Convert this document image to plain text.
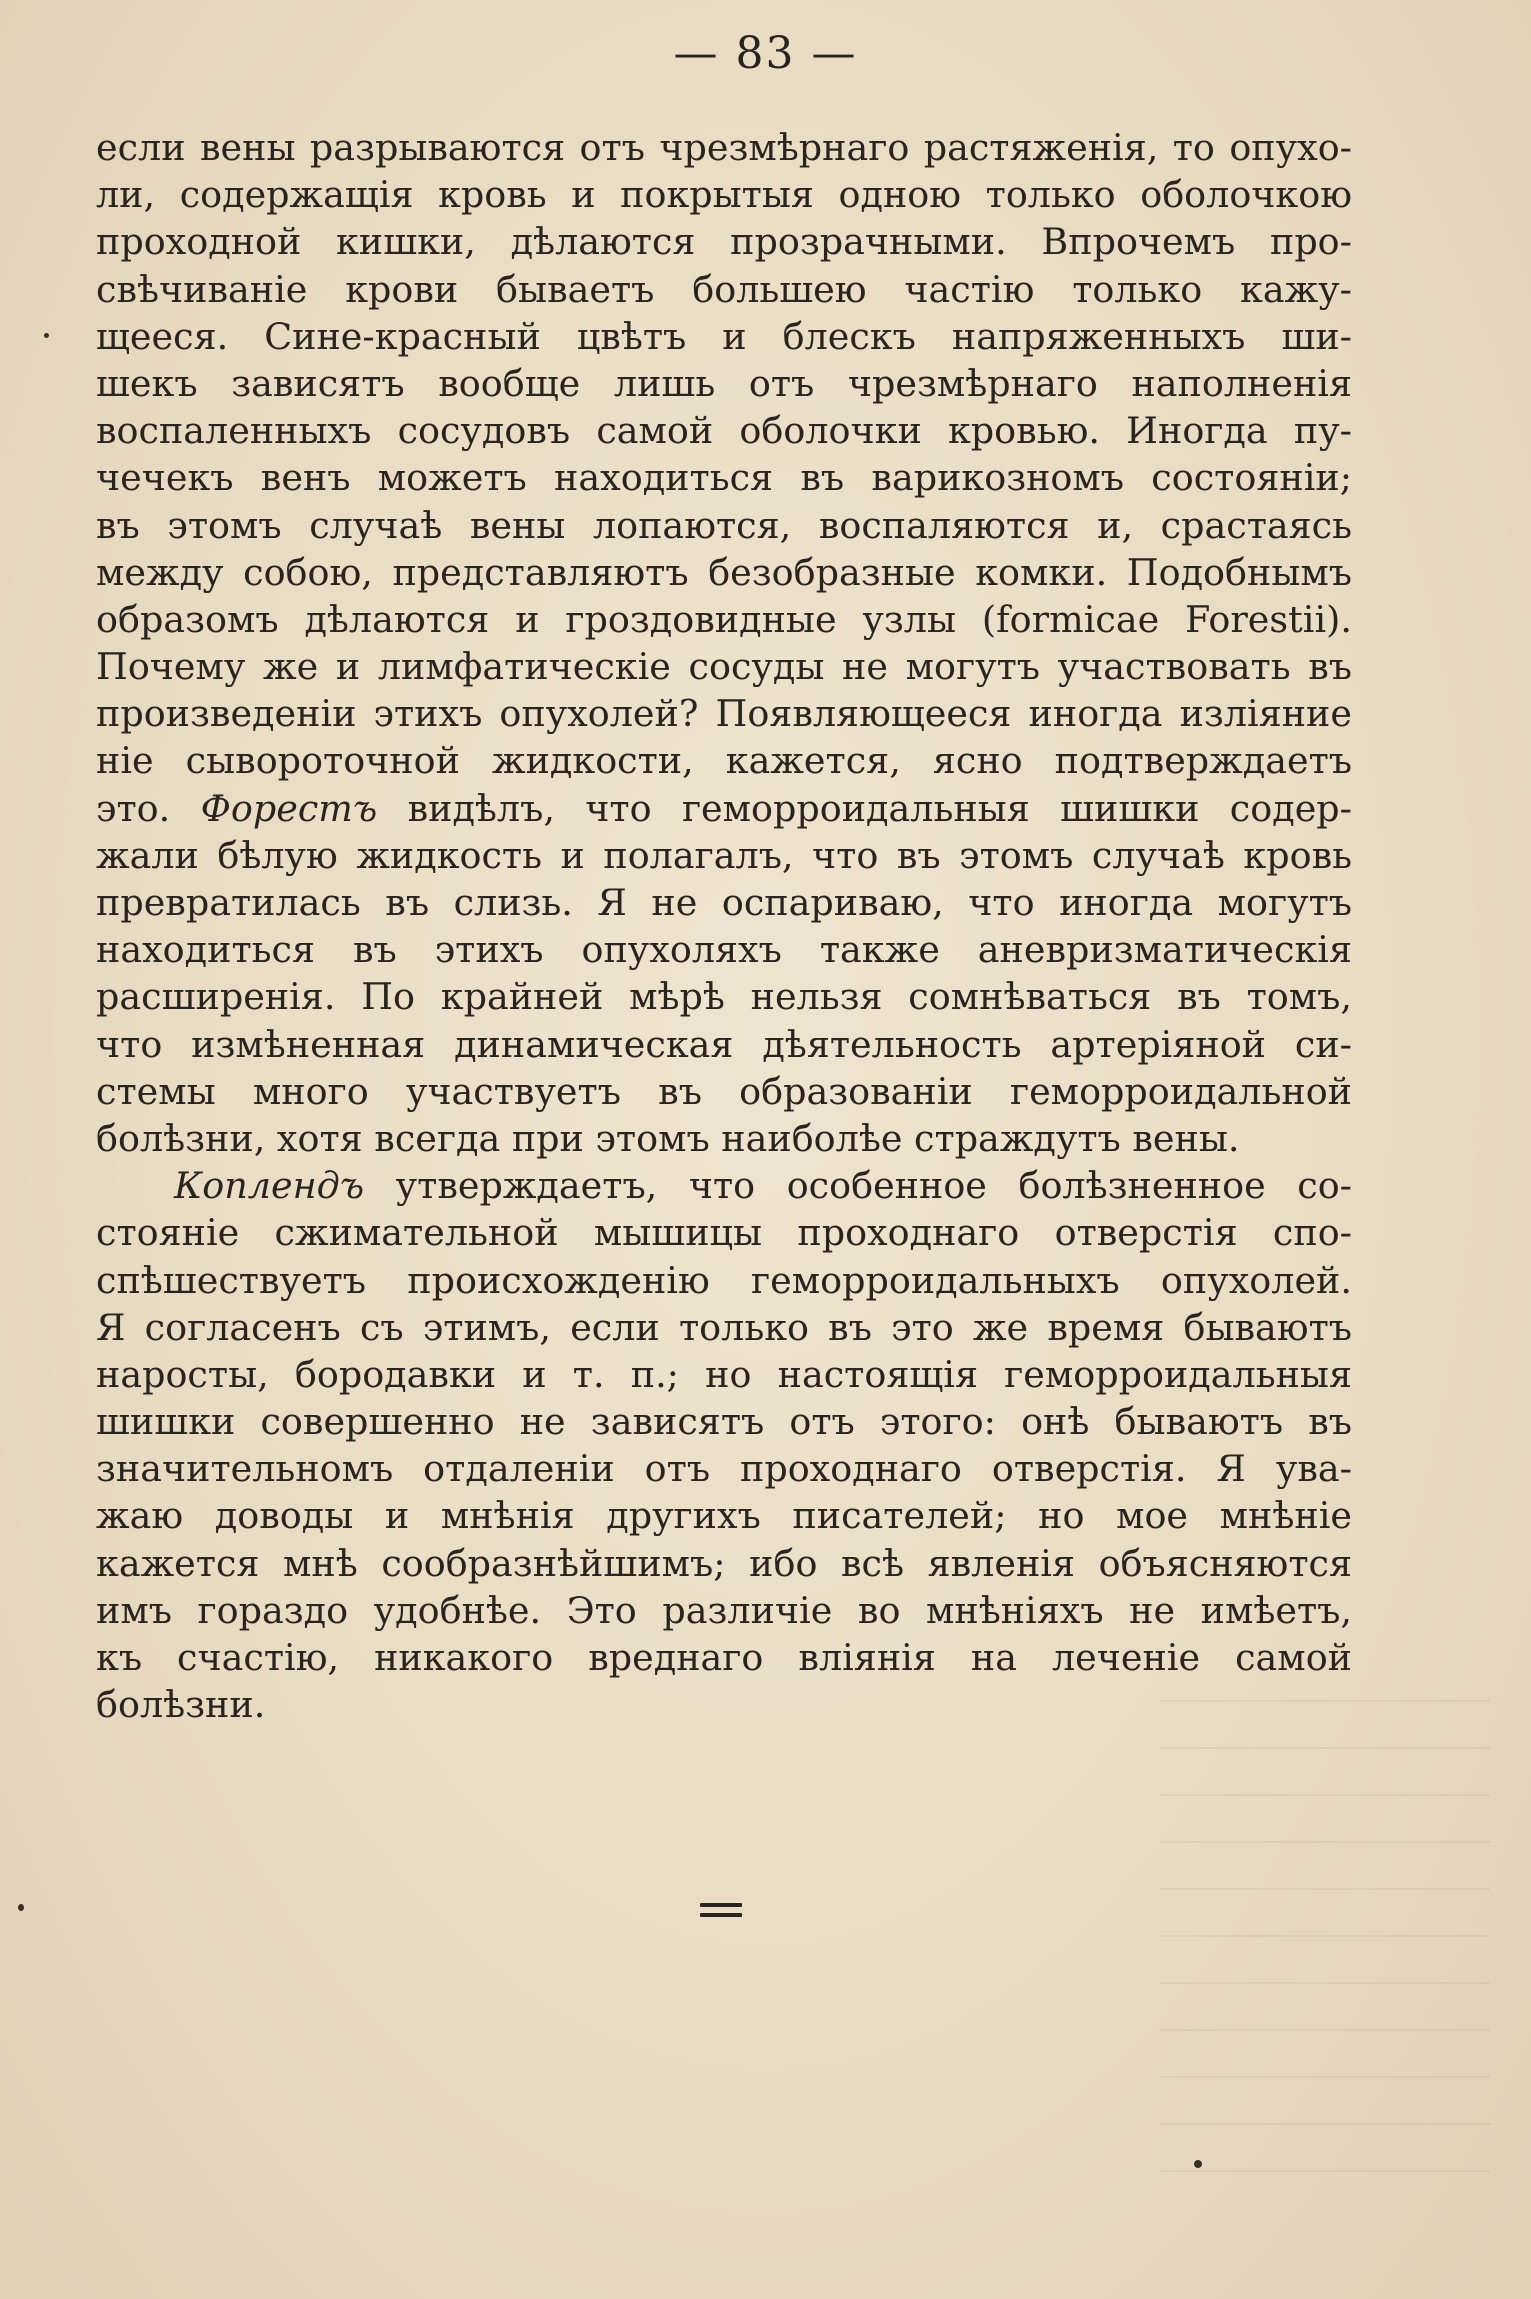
— 83 —
если вены разрываются отъ чрезмѣрнаго растяженія, то опухо-
ли, содержащія кровь и покрытыя одною только оболочкою
проходной кишки, дѣлаются прозрачными. Впрочемъ про-
свѣчиваніе крови бываетъ большею частію только кажу-
щееся. Сине-красный цвѣтъ и блескъ напряженныхъ ши-
шекъ зависятъ вообще лишь отъ чрезмѣрнаго наполненія
воспаленныхъ сосудовъ самой оболочки кровью. Иногда пу-
чечекъ венъ можетъ находиться въ варикозномъ состояніи;
въ этомъ случаѣ вены лопаются, воспаляются и, срастаясь
между собою, представляютъ безобразные комки. Подобнымъ
образомъ дѣлаются и гроздовидные узлы (formicae Forestii).
Почему же и лимфатическіе сосуды не могутъ участвовать въ
произведеніи этихъ опухолей? Появляющееся иногда изліяние
ніе сывороточной жидкости, кажется, ясно подтверждаетъ
это. Форестъ видѣлъ, что геморроидальныя шишки содер-
жали бѣлую жидкость и полагалъ, что въ этомъ случаѣ кровь
превратилась въ слизь. Я не оспариваю, что иногда могутъ
находиться въ этихъ опухоляхъ также аневризматическія
расширенія. По крайней мѣрѣ нельзя сомнѣваться въ томъ,
что измѣненная динамическая дѣятельность артеріяной си-
стемы много участвуетъ въ образованіи геморроидальной
болѣзни, хотя всегда при этомъ наиболѣе страждутъ вены.
Коплендъ утверждаетъ, что особенное болѣзненное со-
стояніе сжимательной мышицы проходнаго отверстія спо-
спѣшествуетъ происхожденію геморроидальныхъ опухолей.
Я согласенъ съ этимъ, если только въ это же время бываютъ
наросты, бородавки и т. п.; но настоящія геморроидальныя
шишки совершенно не зависятъ отъ этого: онѣ бываютъ въ
значительномъ отдаленіи отъ проходнаго отверстія. Я ува-
жаю доводы и мнѣнія другихъ писателей; но мое мнѣніе
кажется мнѣ сообразнѣйшимъ; ибо всѣ явленія объясняются
имъ гораздо удобнѣе. Это различіе во мнѣніяхъ не имѣетъ,
къ счастію, никакого вреднаго вліянія на леченіе самой
болѣзни.
